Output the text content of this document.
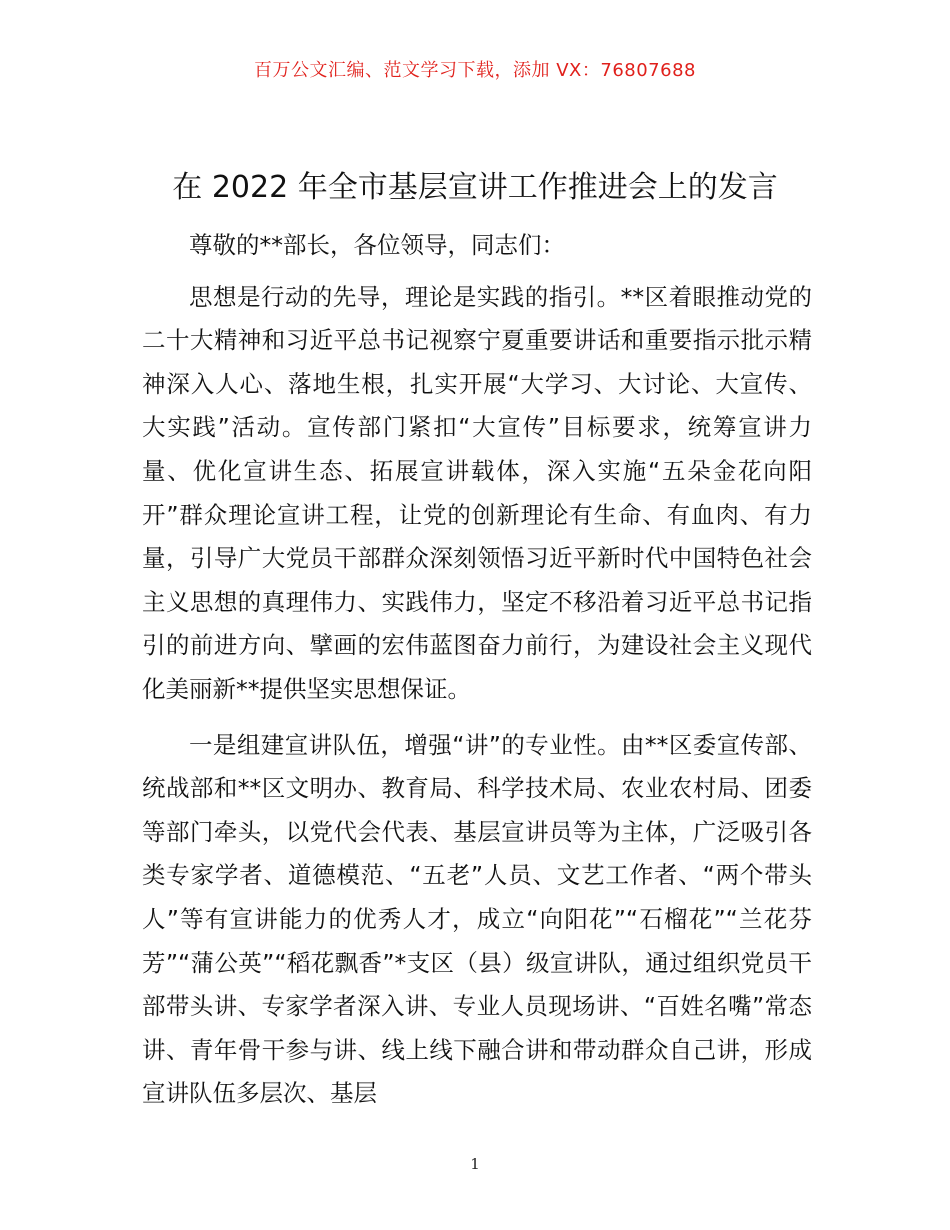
百万公文汇编、范文学习下载，添加 VX：76807688
在 2022 年全市基层宣讲工作推进会上的发言

尊敬的**部长，各位领导，同志们：

思想是行动的先导，理论是实践的指引。**区着眼推动党的二十大精神和习近平总书记视察宁夏重要讲话和重要指示批示精神深入人心、落地生根，扎实开展“大学习、大讨论、大宣传、大实践”活动。宣传部门紧扣“大宣传”目标要求，统筹宣讲力量、优化宣讲生态、拓展宣讲载体，深入实施“五朵金花向阳开”群众理论宣讲工程，让党的创新理论有生命、有血肉、有力量，引导广大党员干部群众深刻领悟习近平新时代中国特色社会主义思想的真理伟力、实践伟力，坚定不移沿着习近平总书记指引的前进方向、擘画的宏伟蓝图奋力前行，为建设社会主义现代化美丽新**提供坚实思想保证。

一是组建宣讲队伍，增强“讲”的专业性。由**区委宣传部、统战部和**区文明办、教育局、科学技术局、农业农村局、团委等部门牵头，以党代会代表、基层宣讲员等为主体，广泛吸引各类专家学者、道德模范、“五老”人员、文艺工作者、“两个带头人”等有宣讲能力的优秀人才，成立“向阳花”“石榴花”“兰花芬芳”“蒲公英”“稻花飘香”*支区（县）级宣讲队，通过组织党员干部带头讲、专家学者深入讲、专业人员现场讲、“百姓名嘴”常态讲、青年骨干参与讲、线上线下融合讲和带动群众自己讲，形成宣讲队伍多层次、基层

1
